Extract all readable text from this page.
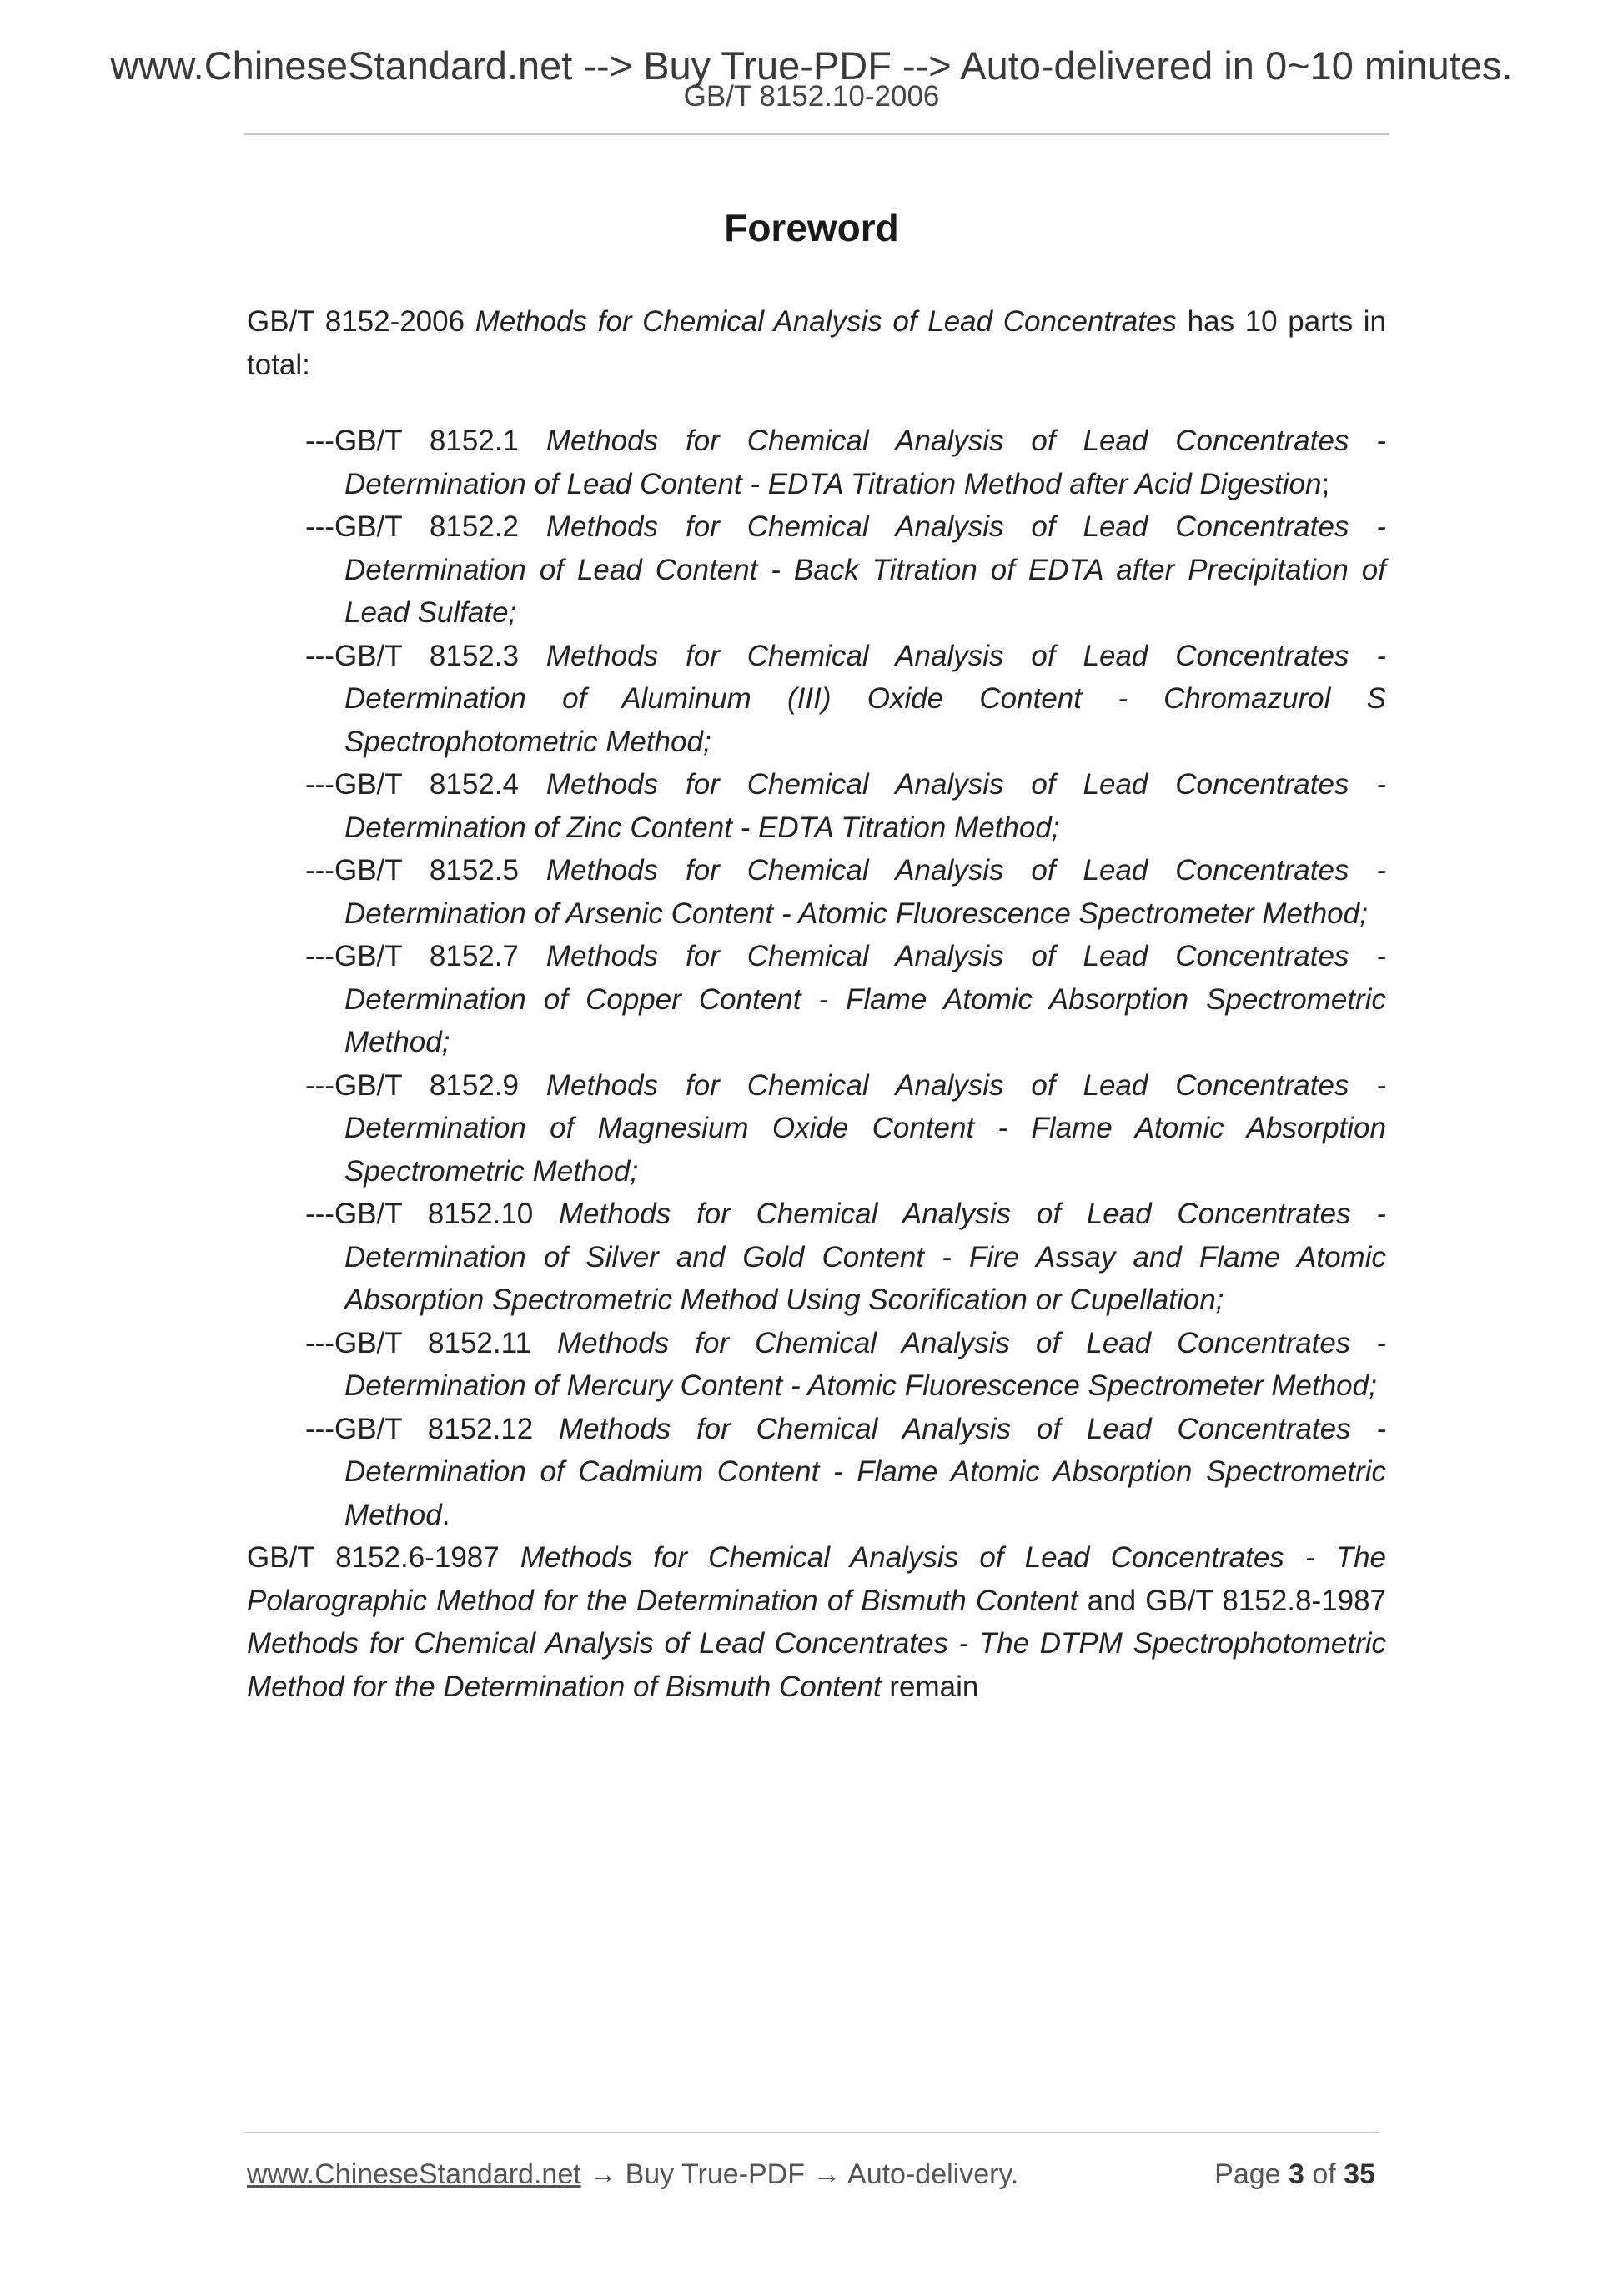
www.ChineseStandard.net --> Buy True-PDF --> Auto-delivered in 0~10 minutes.
GB/T 8152.10-2006
Foreword

GB/T 8152-2006 Methods for Chemical Analysis of Lead Concentrates has 10 parts in total:

---GB/T 8152.1 Methods for Chemical Analysis of Lead Concentrates - Determination of Lead Content - EDTA Titration Method after Acid Digestion;

---GB/T 8152.2 Methods for Chemical Analysis of Lead Concentrates - Determination of Lead Content - Back Titration of EDTA after Precipitation of Lead Sulfate;

---GB/T 8152.3 Methods for Chemical Analysis of Lead Concentrates - Determination of Aluminum (III) Oxide Content - Chromazurol S Spectrophotometric Method;

---GB/T 8152.4 Methods for Chemical Analysis of Lead Concentrates - Determination of Zinc Content - EDTA Titration Method;

---GB/T 8152.5 Methods for Chemical Analysis of Lead Concentrates - Determination of Arsenic Content - Atomic Fluorescence Spectrometer Method;

---GB/T 8152.7 Methods for Chemical Analysis of Lead Concentrates - Determination of Copper Content - Flame Atomic Absorption Spectrometric Method;

---GB/T 8152.9 Methods for Chemical Analysis of Lead Concentrates - Determination of Magnesium Oxide Content - Flame Atomic Absorption Spectrometric Method;

---GB/T 8152.10 Methods for Chemical Analysis of Lead Concentrates - Determination of Silver and Gold Content - Fire Assay and Flame Atomic Absorption Spectrometric Method Using Scorification or Cupellation;

---GB/T 8152.11 Methods for Chemical Analysis of Lead Concentrates - Determination of Mercury Content - Atomic Fluorescence Spectrometer Method;

---GB/T 8152.12 Methods for Chemical Analysis of Lead Concentrates - Determination of Cadmium Content - Flame Atomic Absorption Spectrometric Method.

GB/T 8152.6-1987 Methods for Chemical Analysis of Lead Concentrates - The Polarographic Method for the Determination of Bismuth Content and GB/T 8152.8-1987 Methods for Chemical Analysis of Lead Concentrates - The DTPM Spectrophotometric Method for the Determination of Bismuth Content remain

www.ChineseStandard.net → Buy True-PDF → Auto-delivery.	Page 3 of 35
